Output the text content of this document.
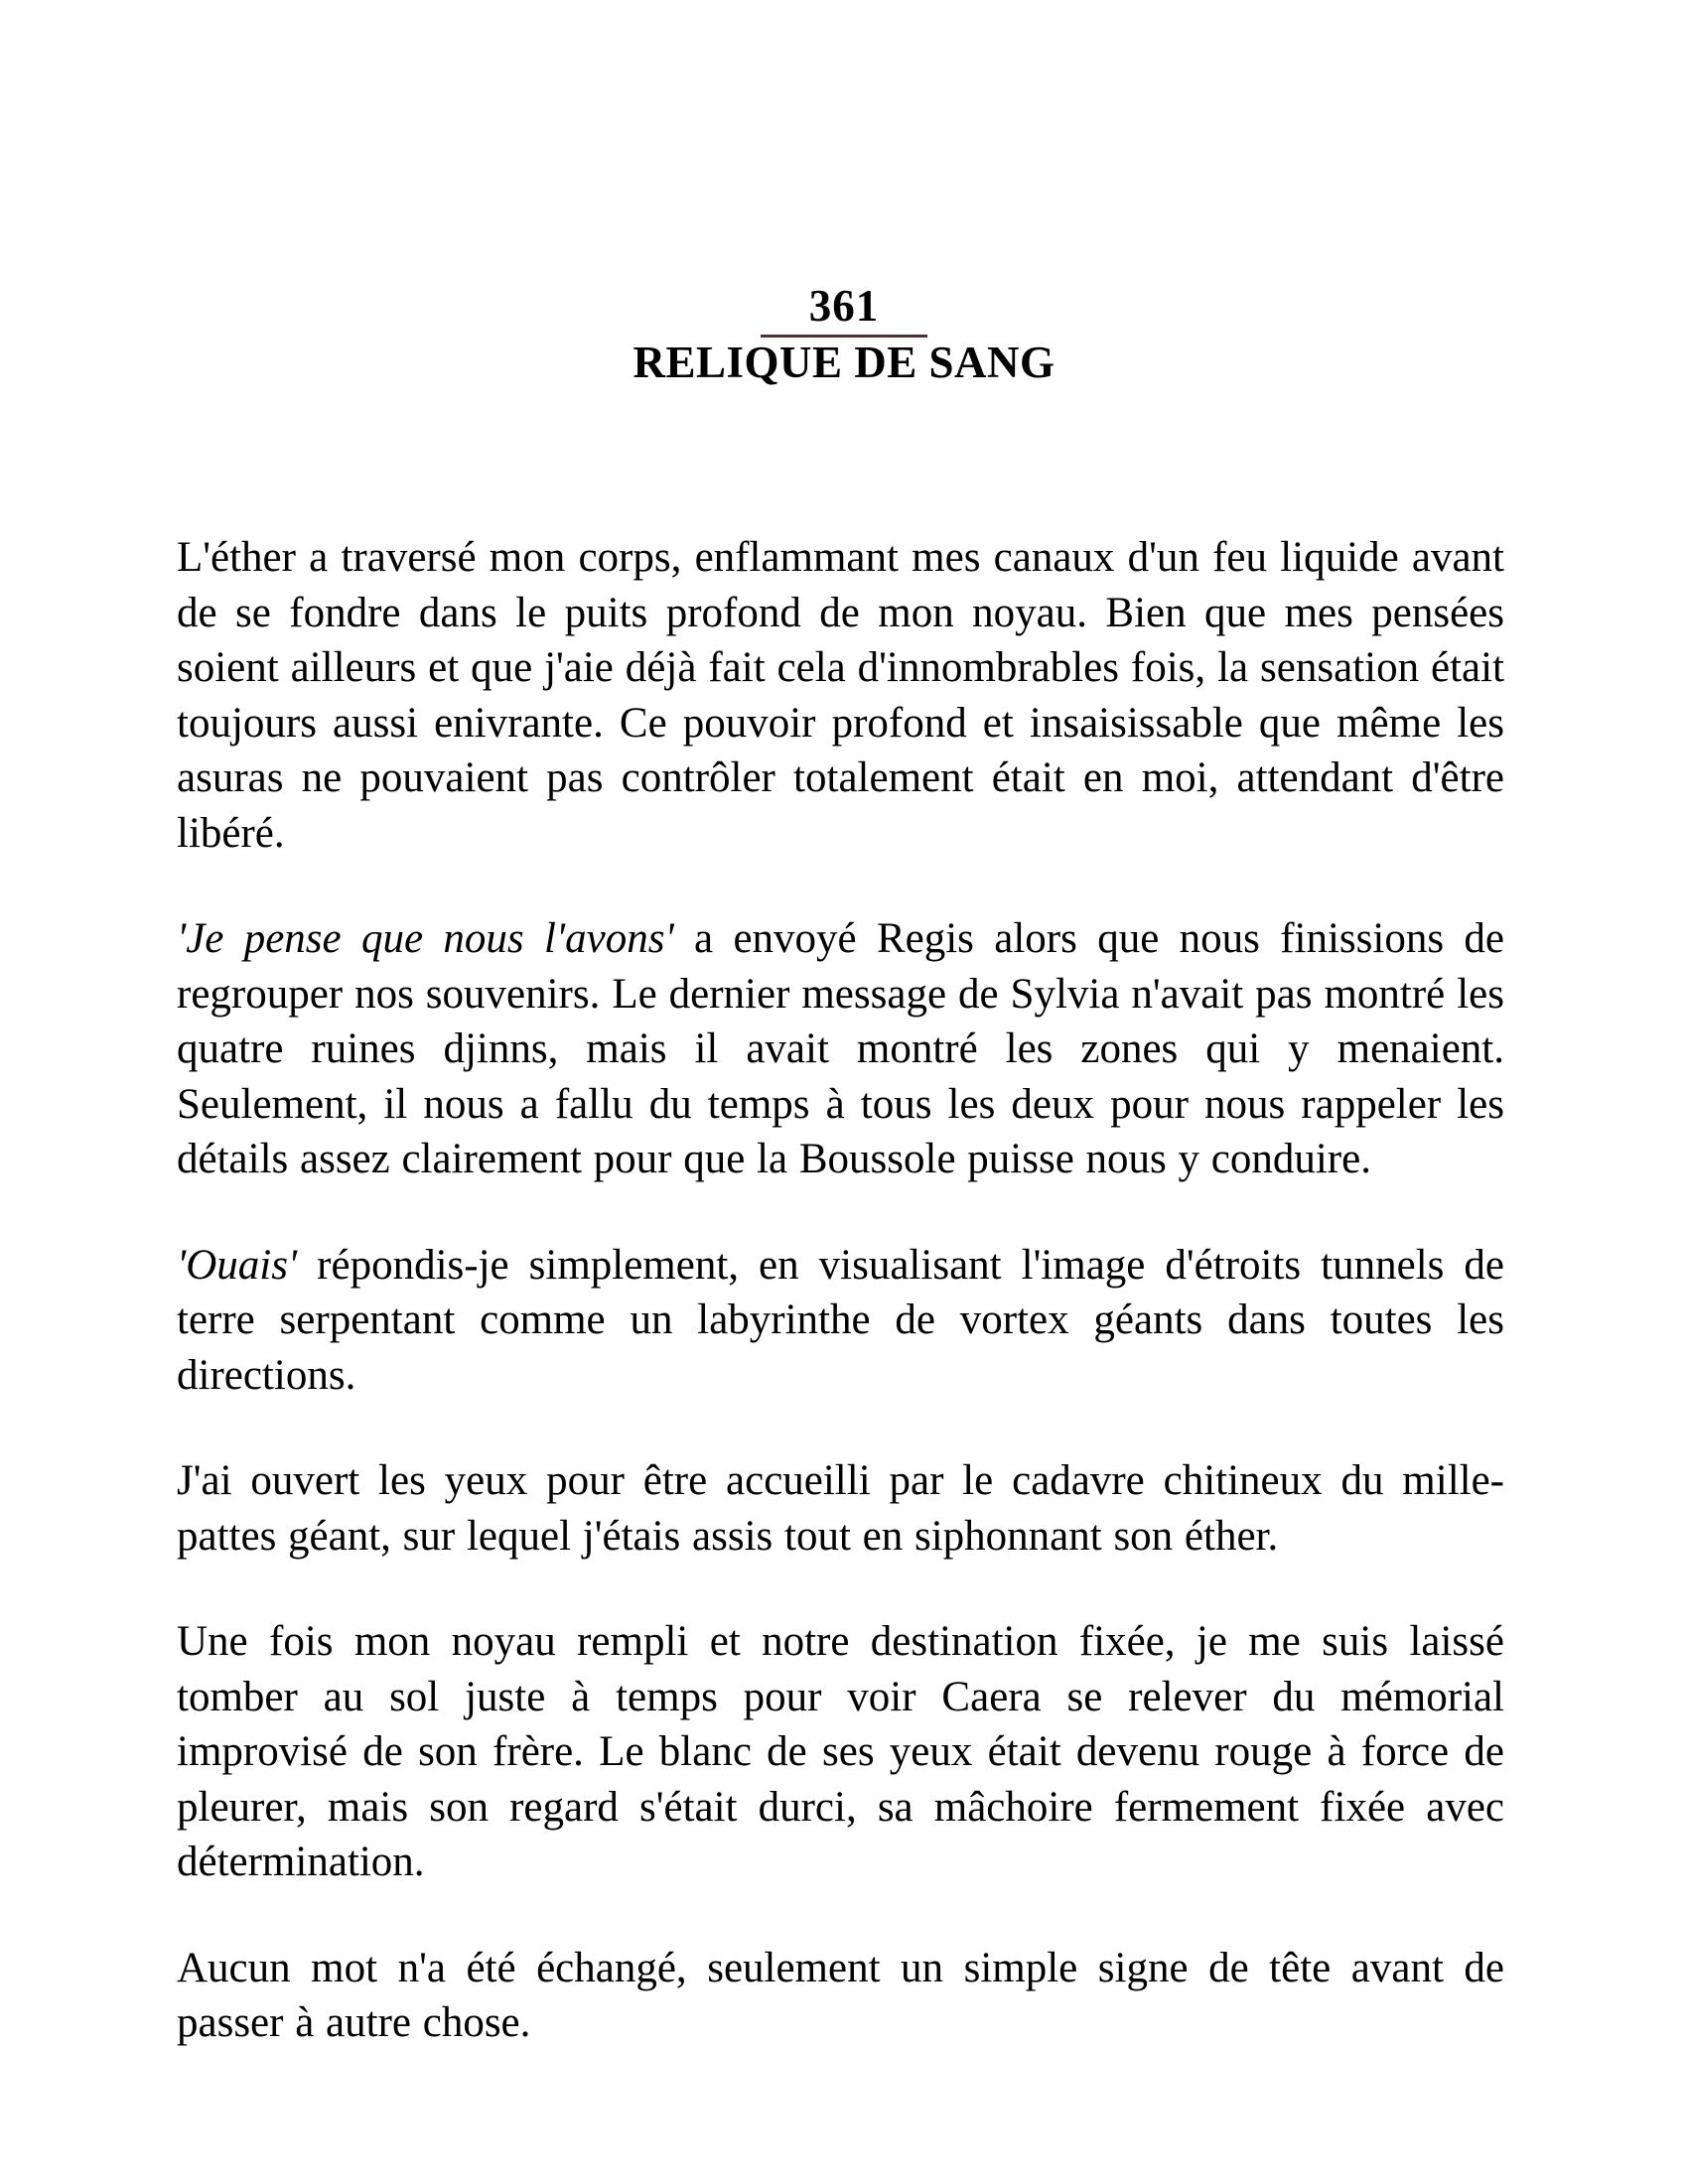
361
RELIQUE DE SANG

L'éther a traversé mon corps, enflammant mes canaux d'un feu liquide avant de se fondre dans le puits profond de mon noyau. Bien que mes pensées soient ailleurs et que j'aie déjà fait cela d'innombrables fois, la sensation était toujours aussi enivrante. Ce pouvoir profond et insaisissable que même les asuras ne pouvaient pas contrôler totalement était en moi, attendant d'être libéré.

'Je pense que nous l'avons' a envoyé Regis alors que nous finissions de regrouper nos souvenirs. Le dernier message de Sylvia n'avait pas montré les quatre ruines djinns, mais il avait montré les zones qui y menaient. Seulement, il nous a fallu du temps à tous les deux pour nous rappeler les détails assez clairement pour que la Boussole puisse nous y conduire.

'Ouais' répondis-je simplement, en visualisant l'image d'étroits tunnels de terre serpentant comme un labyrinthe de vortex géants dans toutes les directions.

J'ai ouvert les yeux pour être accueilli par le cadavre chitineux du mille-pattes géant, sur lequel j'étais assis tout en siphonnant son éther.

Une fois mon noyau rempli et notre destination fixée, je me suis laissé tomber au sol juste à temps pour voir Caera se relever du mémorial improvisé de son frère. Le blanc de ses yeux était devenu rouge à force de pleurer, mais son regard s'était durci, sa mâchoire fermement fixée avec détermination.

Aucun mot n'a été échangé, seulement un simple signe de tête avant de passer à autre chose.
